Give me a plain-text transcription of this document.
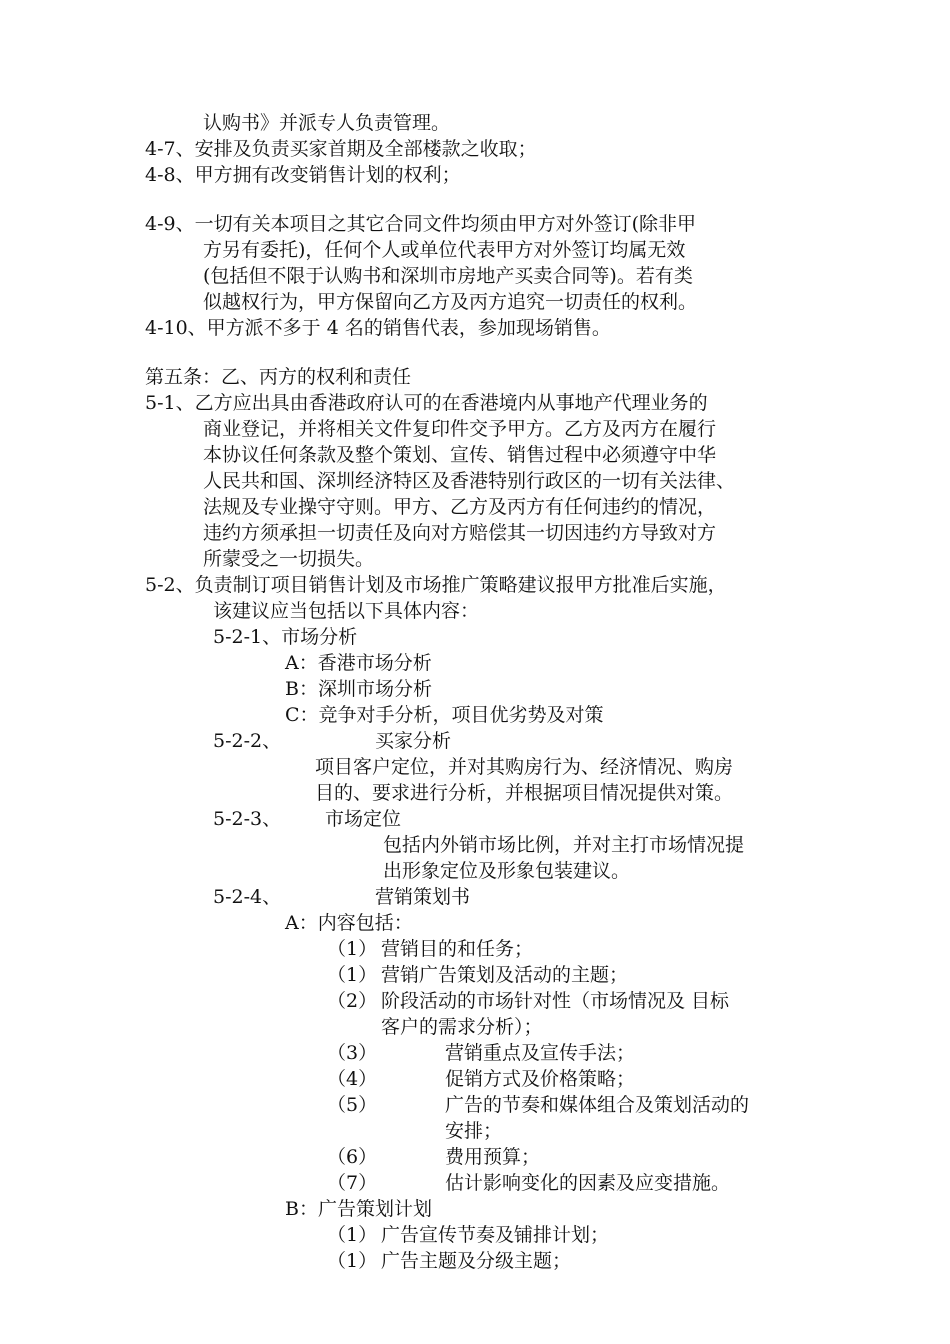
认购书》并派专人负责管理。

4-7、安排及负责买家首期及全部楼款之收取；

4-8、甲方拥有改变销售计划的权利；

4-9、一切有关本项目之其它合同文件均须由甲方对外签订(除非甲

方另有委托)，任何个人或单位代表甲方对外签订均属无效

(包括但不限于认购书和深圳市房地产买卖合同等)。若有类

似越权行为，甲方保留向乙方及丙方追究一切责任的权利。

4-10、甲方派不多于 4 名的销售代表，参加现场销售。

第五条：乙、丙方的权利和责任

5-1、乙方应出具由香港政府认可的在香港境内从事地产代理业务的

商业登记，并将相关文件复印件交予甲方。乙方及丙方在履行

本协议任何条款及整个策划、宣传、销售过程中必须遵守中华

人民共和国、深圳经济特区及香港特别行政区的一切有关法律、

法规及专业操守守则。甲方、乙方及丙方有任何违约的情况，

违约方须承担一切责任及向对方赔偿其一切因违约方导致对方

所蒙受之一切损失。

5-2、负责制订项目销售计划及市场推广策略建议报甲方批准后实施，

该建议应当包括以下具体内容：

5-2-1、市场分析

A：香港市场分析

B：深圳市场分析

C：竞争对手分析，项目优劣势及对策

5-2-2、	买家分析

项目客户定位，并对其购房行为、经济情况、购房

目的、要求进行分析，并根据项目情况提供对策。

5-2-3、 市场定位

包括内外销市场比例，并对主打市场情况提

出形象定位及形象包装建议。

5-2-4、	营销策划书

A：内容包括：

（1） 营销目的和任务；

（1） 营销广告策划及活动的主题；

（2） 阶段活动的市场针对性（市场情况及 目标

客户的需求分析）；

（3）	营销重点及宣传手法；

（4）	促销方式及价格策略；

（5）	广告的节奏和媒体组合及策划活动的

安排；

（6）	费用预算；

（7）	估计影响变化的因素及应变措施。

B：广告策划计划

（1） 广告宣传节奏及铺排计划；

（1） 广告主题及分级主题；
